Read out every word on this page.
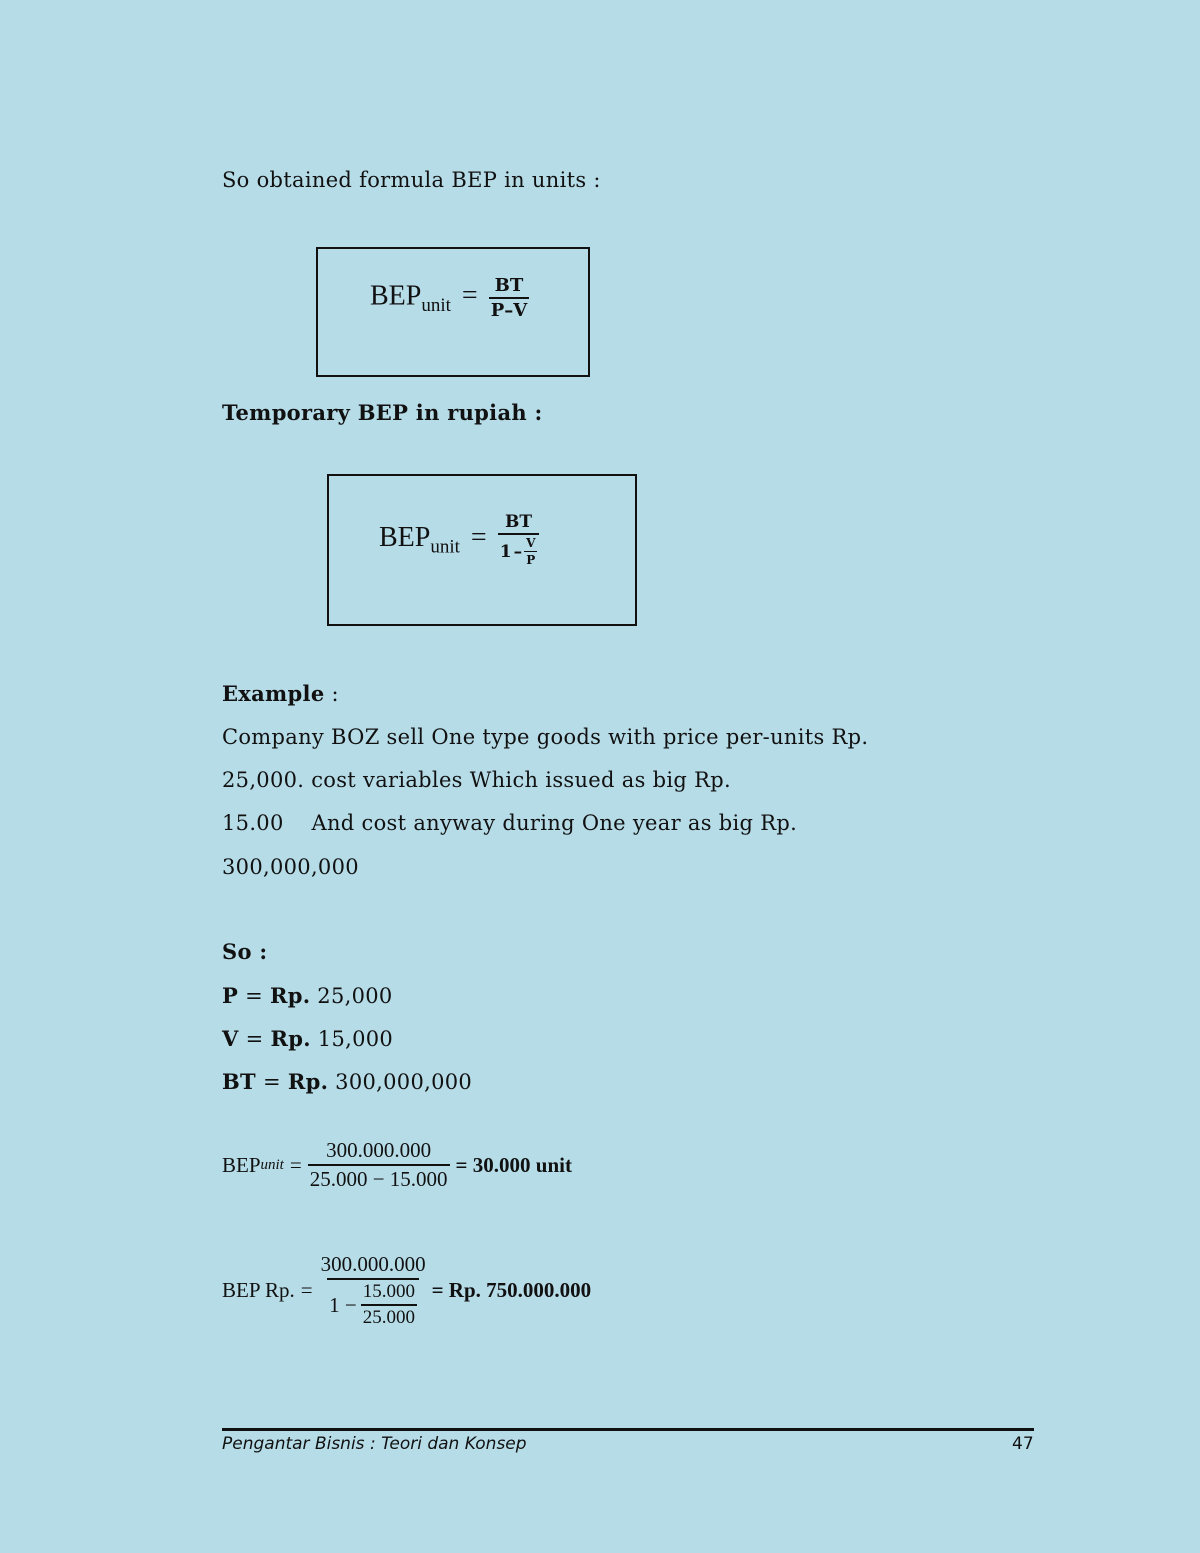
So obtained formula BEP in units :
$BEP_{unit} = \frac{BT}{P-V}$
Temporary BEP in rupiah :
$BEP_{unit} = \frac{BT}{1 - \frac{V}{P}}$
Example :
Company BOZ sell One type goods with price per-units Rp.
25,000. cost variables Which issued as big Rp.
15.00    And cost anyway during One year as big Rp.
300,000,000
So :
P = Rp. 25,000
V = Rp. 15,000
BT = Rp. 300,000,000
BEP unit = $\frac{300.000.000}{25.000 - 15.000} = 30.000$ unit
BEP Rp. = $\frac{300.000.000}{1 - \frac{15.000}{25.000}} = Rp$. 750.000.000
Pengantar Bisnis : Teori dan Konsep	47
